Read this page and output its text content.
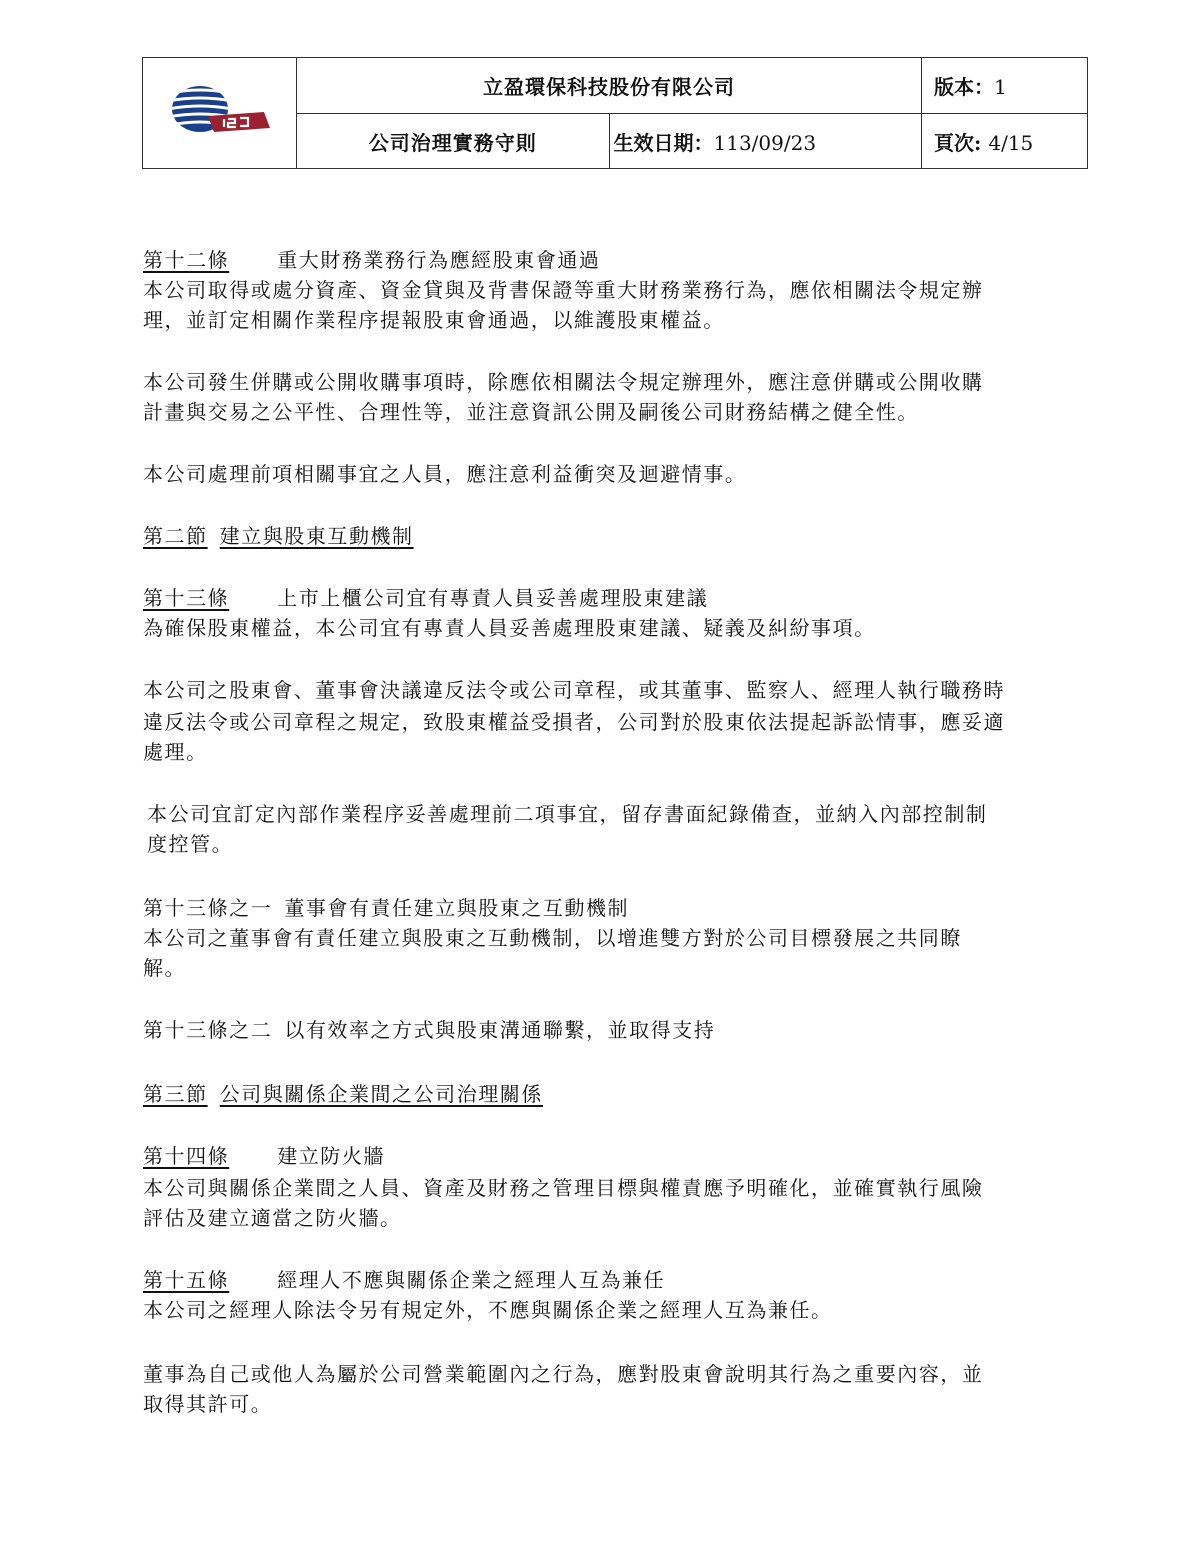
	立盈環保科技股份有限公司		版本：1
	公司治理實務守則	生效日期：113/09/23	頁次: 4/15
第十二條 重大財務業務行為應經股東會通過
本公司取得或處分資產、資金貸與及背書保證等重大財務業務行為，應依相關法令規定辦
理，並訂定相關作業程序提報股東會通過，以維護股東權益。
本公司發生併購或公開收購事項時，除應依相關法令規定辦理外，應注意併購或公開收購
計畫與交易之公平性、合理性等，並注意資訊公開及嗣後公司財務結構之健全性。
本公司處理前項相關事宜之人員，應注意利益衝突及迴避情事。
第二節 建立與股東互動機制
第十三條 上市上櫃公司宜有專責人員妥善處理股東建議
為確保股東權益，本公司宜有專責人員妥善處理股東建議、疑義及糾紛事項。
本公司之股東會、董事會決議違反法令或公司章程，或其董事、監察人、經理人執行職務時
違反法令或公司章程之規定，致股東權益受損者，公司對於股東依法提起訴訟情事，應妥適
處理。
本公司宜訂定內部作業程序妥善處理前二項事宜，留存書面紀錄備查，並納入內部控制制
度控管。
第十三條之一 董事會有責任建立與股東之互動機制
本公司之董事會有責任建立與股東之互動機制，以增進雙方對於公司目標發展之共同瞭
解。
第十三條之二 以有效率之方式與股東溝通聯繫，並取得支持
第三節 公司與關係企業間之公司治理關係
第十四條 建立防火牆
本公司與關係企業間之人員、資產及財務之管理目標與權責應予明確化，並確實執行風險
評估及建立適當之防火牆。
第十五條 經理人不應與關係企業之經理人互為兼任
本公司之經理人除法令另有規定外，不應與關係企業之經理人互為兼任。
董事為自己或他人為屬於公司營業範圍內之行為，應對股東會說明其行為之重要內容，並
取得其許可。
